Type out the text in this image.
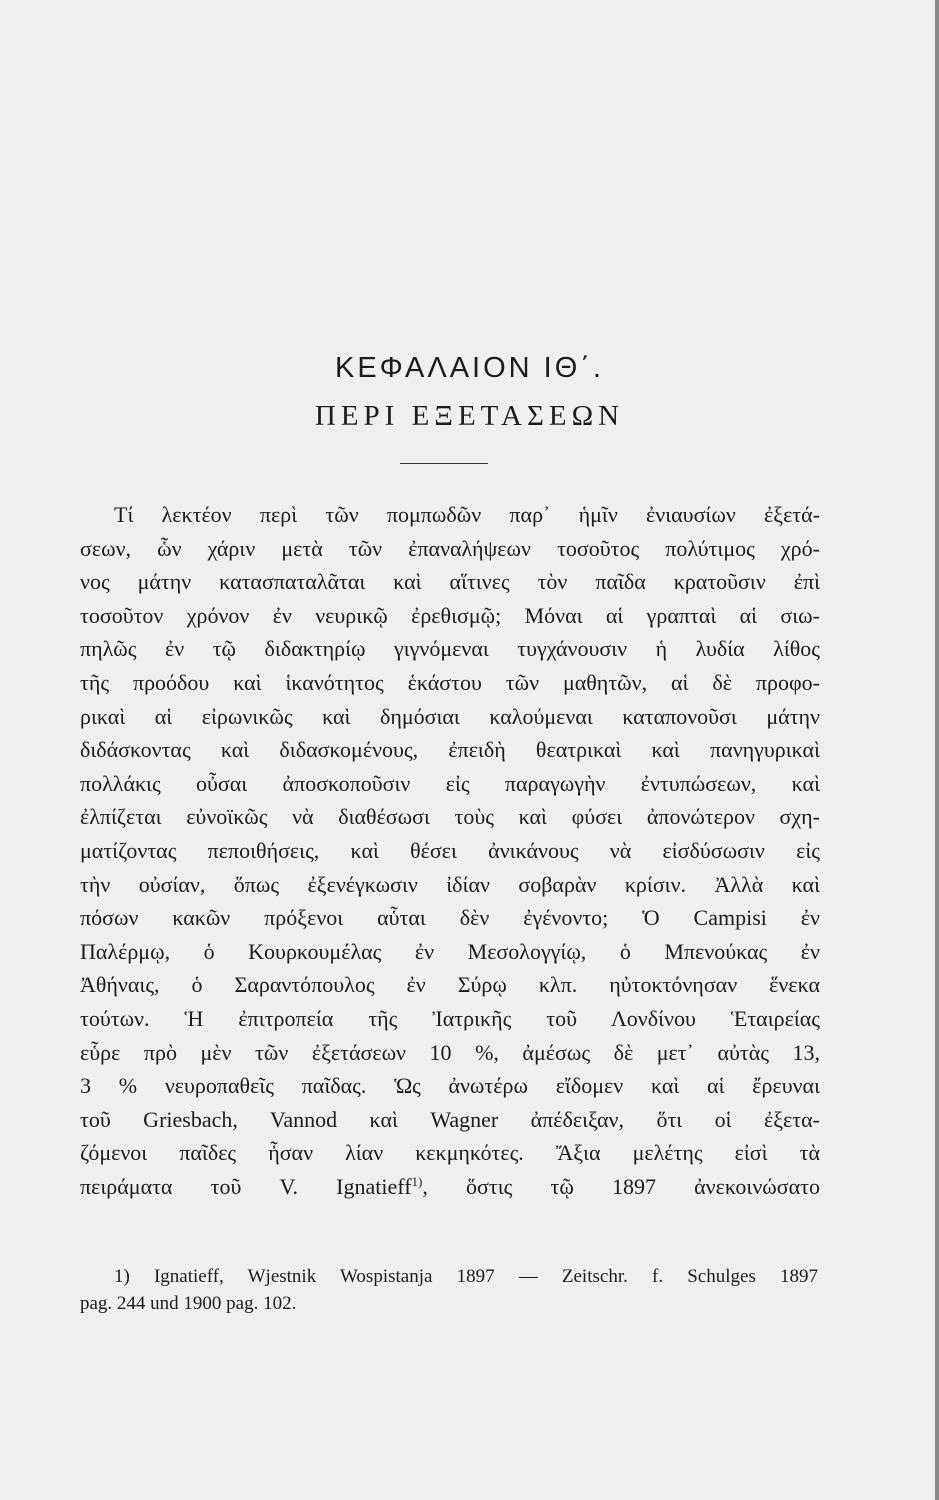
ΚΕΦΑΛΑΙΟΝ ΙΘ΄.
ΠΕΡΙ ΕΞΕΤΑΣΕΩΝ
Τί λεκτέον περὶ τῶν πομπωδῶν παρ᾽ ἡμῖν ἐνιαυσίων ἐξετά-
σεων, ὧν χάριν μετὰ τῶν ἐπαναλήψεων τοσοῦτος πολύτιμος χρό-
νος μάτην κατασπαταλᾶται καὶ αἵτινες τὸν παῖδα κρατοῦσιν ἐπὶ
τοσοῦτον χρόνον ἐν νευρικῷ ἐρεθισμῷ; Μόναι αἱ γραπταὶ αἱ σιω-
πηλῶς ἐν τῷ διδακτηρίῳ γιγνόμεναι τυγχάνουσιν ἡ λυδία λίθος
τῆς προόδου καὶ ἱκανότητος ἑκάστου τῶν μαθητῶν, αἱ δὲ προφο-
ρικαὶ αἱ εἰρωνικῶς καὶ δημόσιαι καλούμεναι καταπονοῦσι μάτην
διδάσκοντας καὶ διδασκομένους, ἐπειδὴ θεατρικαὶ καὶ πανηγυρικαὶ
πολλάκις οὖσαι ἀποσκοποῦσιν εἰς παραγωγὴν ἐντυπώσεων, καὶ
ἐλπίζεται εὐνοϊκῶς νὰ διαθέσωσι τοὺς καὶ φύσει ἀπονώτερον σχη-
ματίζοντας πεποιθήσεις, καὶ θέσει ἀνικάνους νὰ εἰσδύσωσιν εἰς
τὴν οὐσίαν, ὅπως ἐξενέγκωσιν ἰδίαν σοβαρὰν κρίσιν. Ἀλλὰ καὶ
πόσων κακῶν πρόξενοι αὗται δὲν ἐγένοντο; Ὁ Campisi ἐν
Παλέρμῳ, ὁ Κουρκουμέλας ἐν Μεσολογγίῳ, ὁ Μπενούκας ἐν
Ἀθήναις, ὁ Σαραντόπουλος ἐν Σύρῳ κλπ. ηὐτοκτόνησαν ἕνεκα
τούτων. Ἡ ἐπιτροπεία τῆς Ἰατρικῆς τοῦ Λονδίνου Ἑταιρείας
εὗρε πρὸ μὲν τῶν ἐξετάσεων 10 %, ἀμέσως δὲ μετ᾽ αὐτὰς 13,
3 % νευροπαθεῖς παῖδας. Ὡς ἀνωτέρω εἴδομεν καὶ αἱ ἔρευναι
τοῦ Griesbach, Vannod καὶ Wagner ἀπέδειξαν, ὅτι οἱ ἐξετα-
ζόμενοι παῖδες ἦσαν λίαν κεκμηκότες. Ἄξια μελέτης εἰσὶ τὰ
πειράματα τοῦ V. Ignatieff$^{1)}$, ὅστις τῷ 1897 ἀνεκοινώσατο
1) Ignatieff, Wjestnik Wospistanja 1897 — Zeitschr. f. Schulges 1897
pag. 244 und 1900 pag. 102.
